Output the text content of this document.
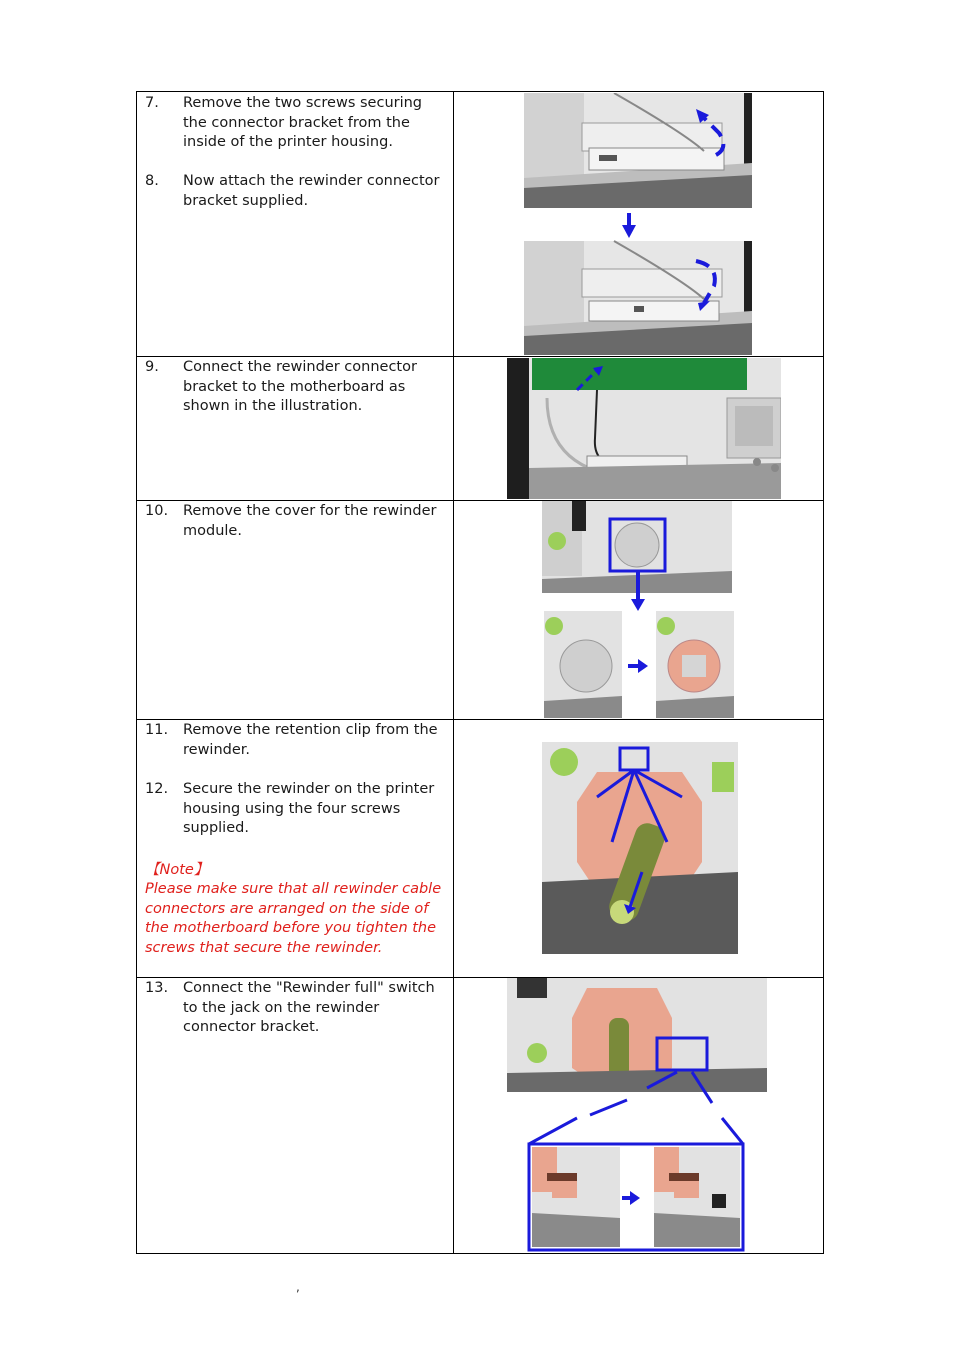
7. Remove the two screws securing the connector bracket from the inside of the printer housing.
8. Now attach the rewinder connector bracket supplied.
9. Connect the rewinder connector bracket to the motherboard as shown in the illustration.
10. Remove the cover for the rewinder module.
11. Remove the retention clip from the rewinder.
12. Secure the rewinder on the printer housing using the four screws supplied.
【Note】
Please make sure that all rewinder cable connectors are arranged on the side of the motherboard before you tighten the screws that secure the rewinder.
13. Connect the "Rewinder full" switch to the jack on the rewinder connector bracket.
,
